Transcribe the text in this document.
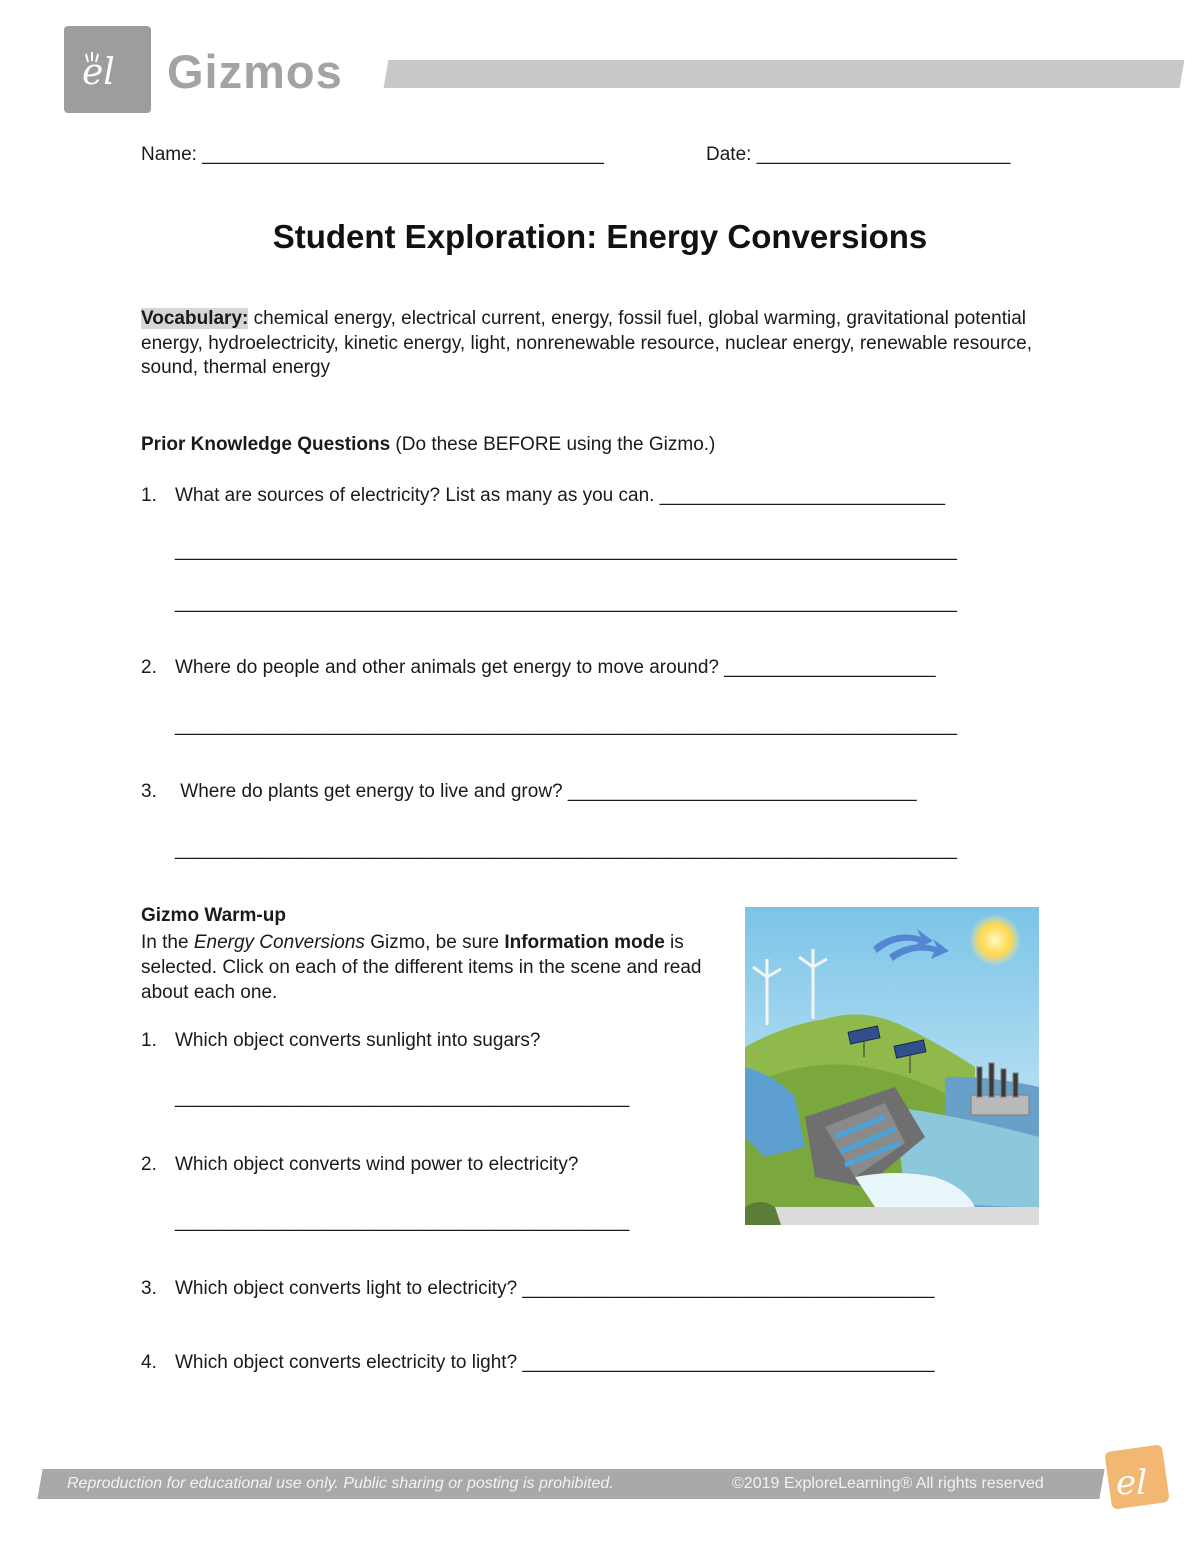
el Gizmos
Name: ______________________________________	Date: ________________________
Student Exploration: Energy Conversions
Vocabulary: chemical energy, electrical current, energy, fossil fuel, global warming, gravitational potential energy, hydroelectricity, kinetic energy, light, nonrenewable resource, nuclear energy, renewable resource, sound, thermal energy
Prior Knowledge Questions (Do these BEFORE using the Gizmo.)
1. What are sources of electricity? List as many as you can. ___________________________
__________________________________________________________________________
__________________________________________________________________________
2. Where do people and other animals get energy to move around? ____________________
__________________________________________________________________________
3. Where do plants get energy to live and grow? _________________________________
__________________________________________________________________________
Gizmo Warm-up
In the Energy Conversions Gizmo, be sure Information mode is selected. Click on each of the different items in the scene and read about each one.
1. Which object converts sunlight into sugars?
___________________________________________
2. Which object converts wind power to electricity?
___________________________________________
3. Which object converts light to electricity? _______________________________________
4. Which object converts electricity to light? _______________________________________
Reproduction for educational use only. Public sharing or posting is prohibited.	©2019 ExploreLearning® All rights reserved el
